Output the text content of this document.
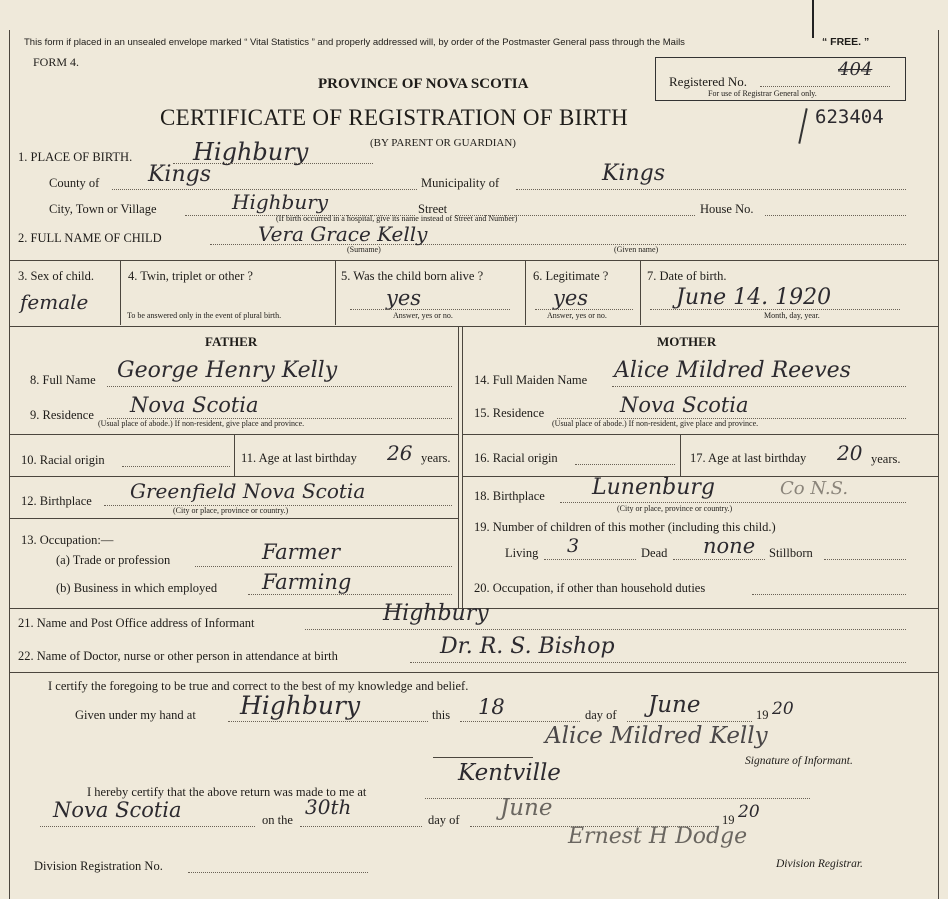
This form if placed in an unsealed envelope marked “ Vital Statistics ” and properly addressed will, by order of the Postmaster General pass through the Mails	“ FREE. ”
FORM 4.
PROVINCE OF NOVA SCOTIA
CERTIFICATE OF REGISTRATION OF BIRTH
(BY PARENT OR GUARDIAN)
Registered No.
404
For use of Registrar General only.
623404
1. PLACE OF BIRTH.	Highbury
County of Kings	Municipality of	Kings
City, Town or Village	Highbury	Street	House No.
(If birth occurred in a hospital, give its name instead of Street and Number)
2. FULL NAME OF CHILD	Vera Grace Kelly
(Surname)	(Given name)
3. Sex of child.
female
4. Twin, triplet or other ?
To be answered only in the event of plural birth.
5. Was the child born alive ?
yes
Answer, yes or no.
6. Legitimate ?
yes
Answer, yes or no.
7. Date of birth.
June 14. 1920
Month, day, year.
FATHER	MOTHER
8. Full Name George Henry Kelly
9. Residence Nova Scotia
(Usual place of abode.) If non-resident, give place and province.
10. Racial origin	11. Age at last birthday 26 years.
12. Birthplace Greenfield Nova Scotia
(City or place, province or country.)
13. Occupation:—
(a) Trade or profession	Farmer
(b) Business in which employed Farming
14. Full Maiden Name Alice Mildred Reeves
15. Residence	Nova Scotia
(Usual place of abode.) If non-resident, give place and province.
16. Racial origin	17. Age at last birthday 20 years.
18. Birthplace Lunenburg	Co N.S.
(City or place, province or country.)
19. Number of children of this mother (including this child.)
Living 3	Dead none Stillborn
20. Occupation, if other than household duties
21. Name and Post Office address of Informant	Highbury
22. Name of Doctor, nurse or other person in attendance at birth	Dr. R. S. Bishop
I certify the foregoing to be true and correct to the best of my knowledge and belief.
Given under my hand at Highbury	this 18	day of June	19 20
Alice Mildred Kelly
Signature of Informant.
I hereby certify that the above return was made to me at
Kentville
Nova Scotia	on the
30th
day of June	19 20
Ernest H Dodge
Division Registrar.
Division Registration No.
